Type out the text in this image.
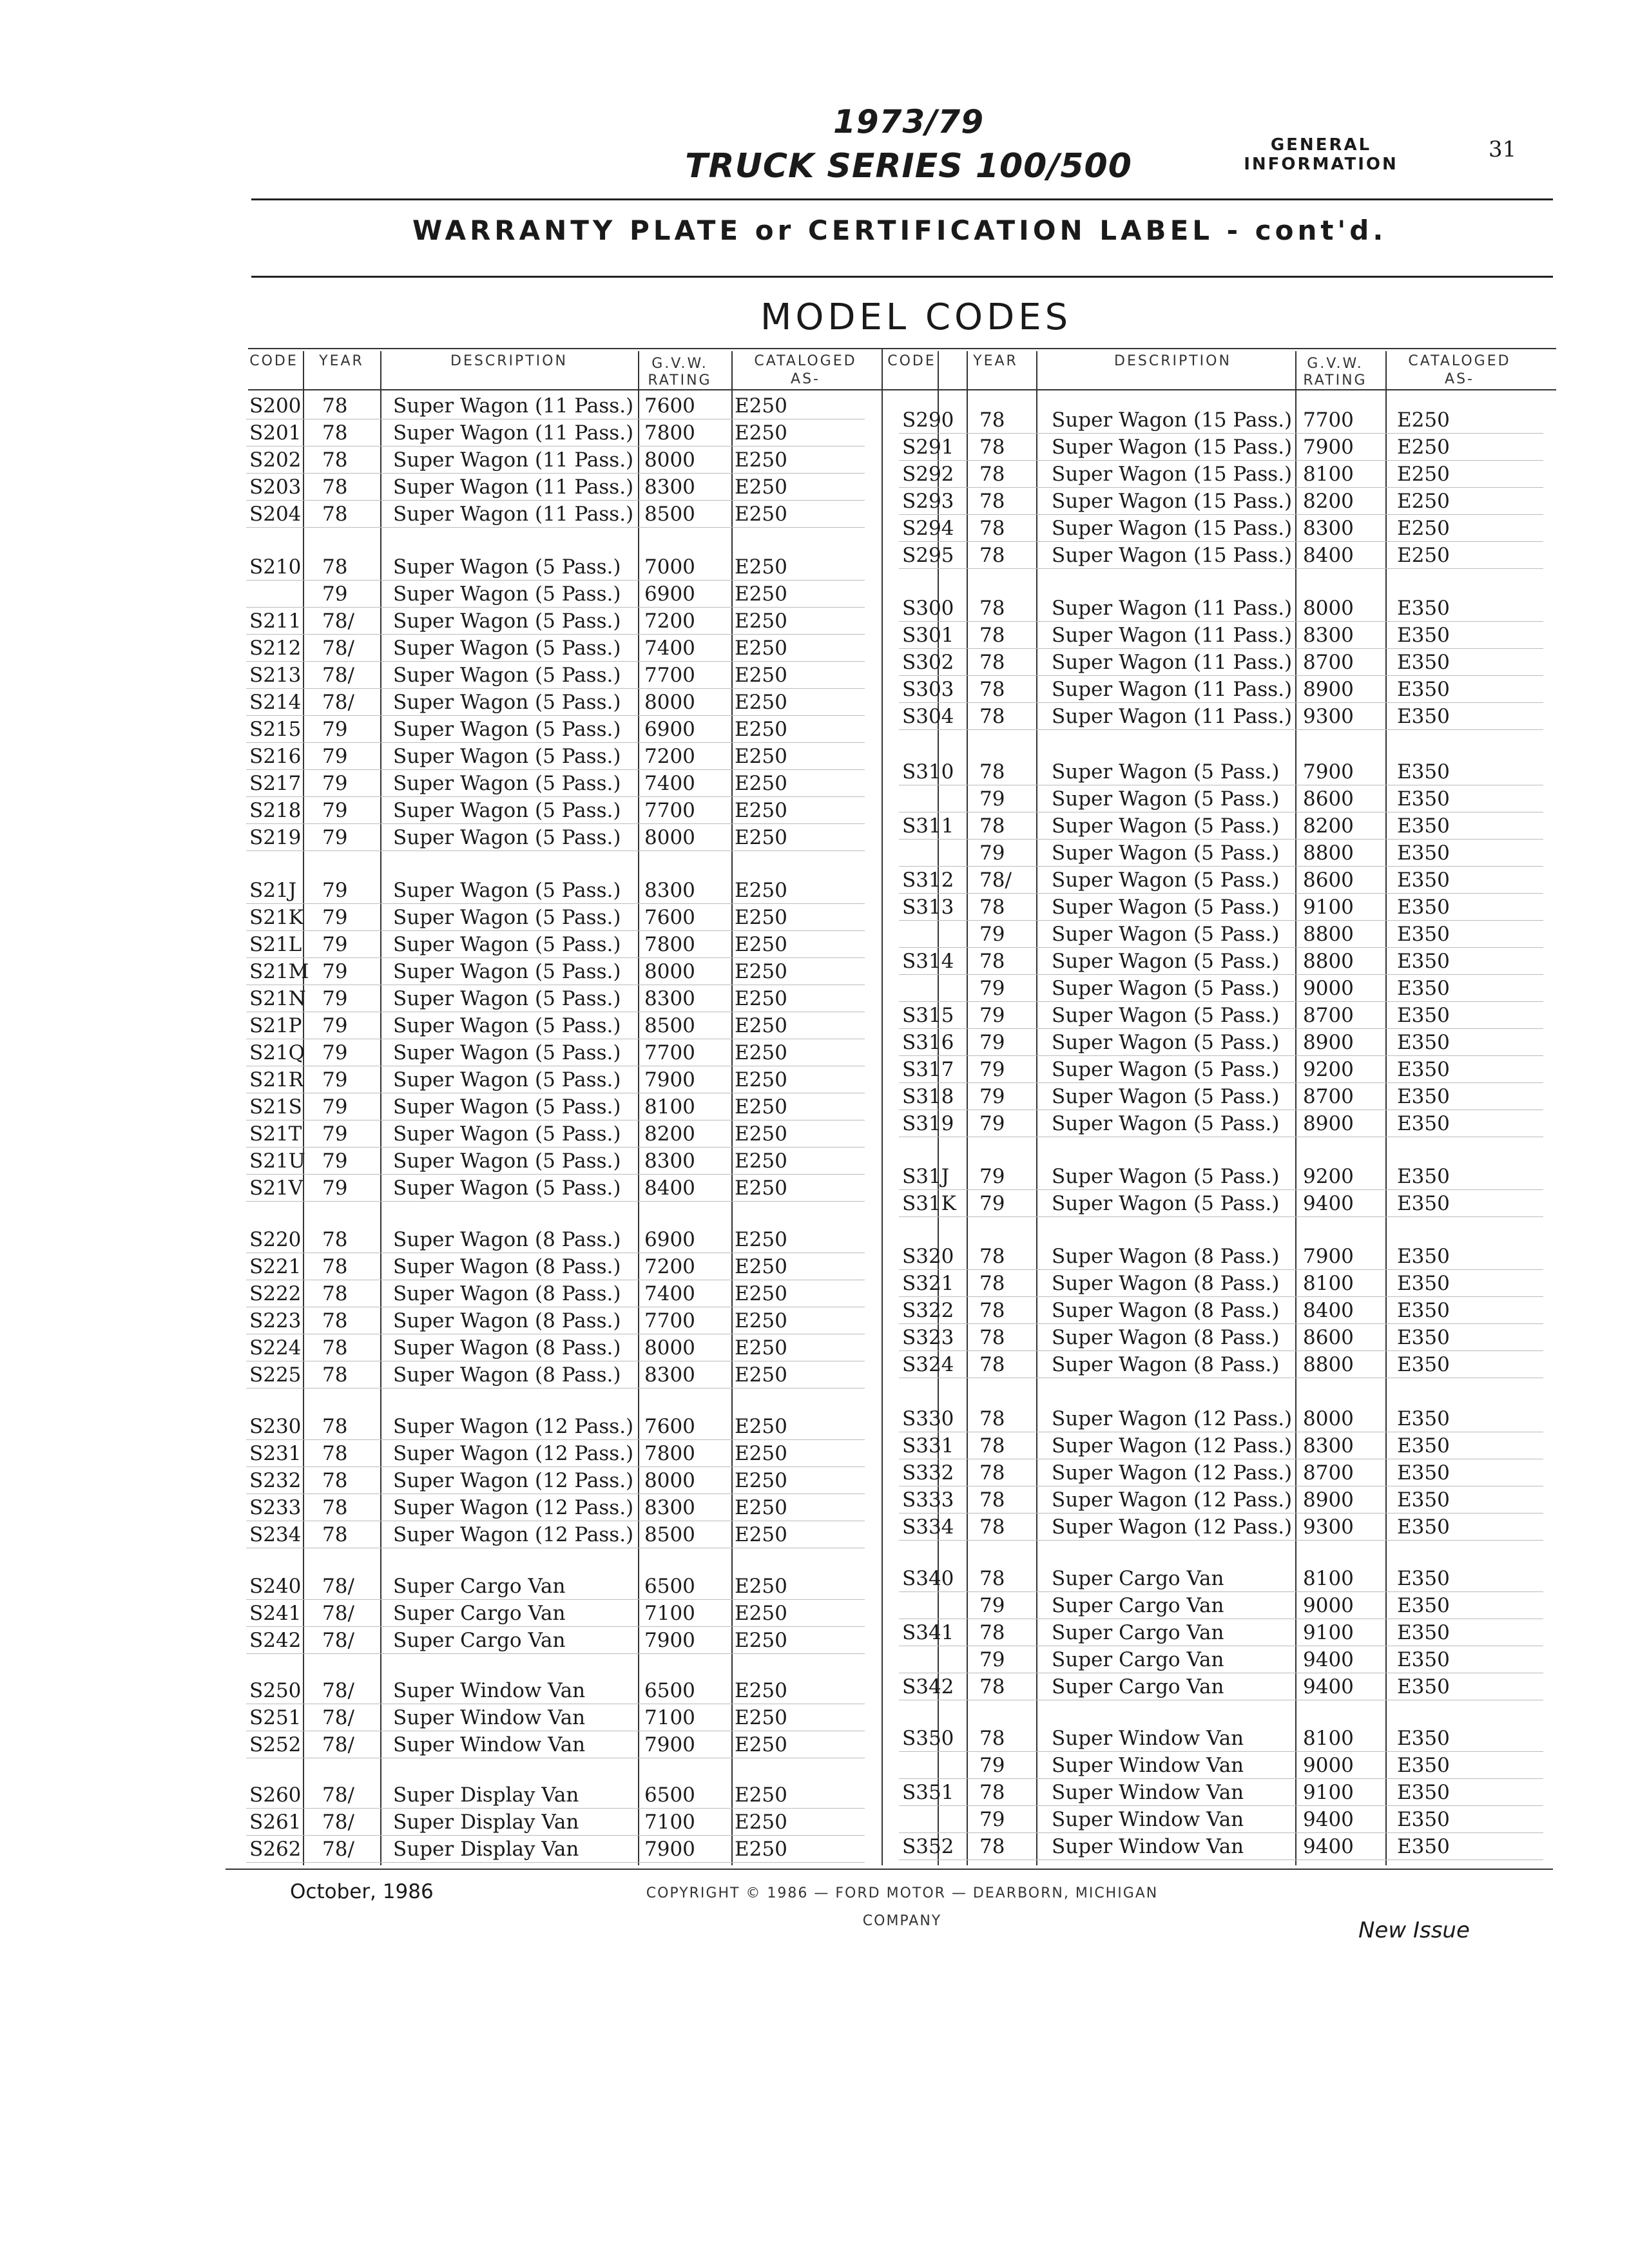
1973/79
TRUCK SERIES 100/500
GENERAL
INFORMATION
31
WARRANTY PLATE or CERTIFICATION LABEL - cont'd.
MODEL CODES
CODE	YEAR	DESCRIPTION	G.V.W.
RATING
CATALOGED
AS-
CODE	YEAR	DESCRIPTION	G.V.W.
RATING
CATALOGED
AS-
S200 78 Super Wagon (11 Pass.) 7600 E250
S201 78 Super Wagon (11 Pass.) 7800 E250
S202 78 Super Wagon (11 Pass.) 8000 E250
S203 78 Super Wagon (11 Pass.) 8300 E250
S204 78 Super Wagon (11 Pass.) 8500 E250
S210 78 Super Wagon (5 Pass.) 7000 E250
79 Super Wagon (5 Pass.) 6900 E250
S211 78/ Super Wagon (5 Pass.) 7200 E250
S212 78/ Super Wagon (5 Pass.) 7400 E250
S213 78/ Super Wagon (5 Pass.) 7700 E250
S214 78/ Super Wagon (5 Pass.) 8000 E250
S215 79 Super Wagon (5 Pass.) 6900 E250
S216 79 Super Wagon (5 Pass.) 7200 E250
S217 79 Super Wagon (5 Pass.) 7400 E250
S218 79 Super Wagon (5 Pass.) 7700 E250
S219 79 Super Wagon (5 Pass.) 8000 E250
S21J 79 Super Wagon (5 Pass.) 8300 E250
S21K 79 Super Wagon (5 Pass.) 7600 E250
S21L 79 Super Wagon (5 Pass.) 7800 E250
S21M 79 Super Wagon (5 Pass.) 8000 E250
S21N 79 Super Wagon (5 Pass.) 8300 E250
S21P 79 Super Wagon (5 Pass.) 8500 E250
S21Q 79 Super Wagon (5 Pass.) 7700 E250
S21R 79 Super Wagon (5 Pass.) 7900 E250
S21S 79 Super Wagon (5 Pass.) 8100 E250
S21T 79 Super Wagon (5 Pass.) 8200 E250
S21U 79 Super Wagon (5 Pass.) 8300 E250
S21V 79 Super Wagon (5 Pass.) 8400 E250
S220 78 Super Wagon (8 Pass.) 6900 E250
S221 78 Super Wagon (8 Pass.) 7200 E250
S222 78 Super Wagon (8 Pass.) 7400 E250
S223 78 Super Wagon (8 Pass.) 7700 E250
S224 78 Super Wagon (8 Pass.) 8000 E250
S225 78 Super Wagon (8 Pass.) 8300 E250
S230 78 Super Wagon (12 Pass.) 7600 E250
S231 78 Super Wagon (12 Pass.) 7800 E250
S232 78 Super Wagon (12 Pass.) 8000 E250
S233 78 Super Wagon (12 Pass.) 8300 E250
S234 78 Super Wagon (12 Pass.) 8500 E250
S240 78/ Super Cargo Van	6500 E250
S241 78/ Super Cargo Van	7100 E250
S242 78/ Super Cargo Van	7900 E250
S250 78/ Super Window Van	6500 E250
S251 78/ Super Window Van	7100 E250
S252 78/ Super Window Van	7900 E250
S260 78/ Super Display Van	6500 E250
S261 78/ Super Display Van	7100 E250
S262 78/ Super Display Van	7900 E250
S290 78 Super Wagon (15 Pass.) 7700 E250
S291 78 Super Wagon (15 Pass.) 7900 E250
S292 78 Super Wagon (15 Pass.) 8100 E250
S293 78 Super Wagon (15 Pass.) 8200 E250
S294 78 Super Wagon (15 Pass.) 8300 E250
S295 78 Super Wagon (15 Pass.) 8400 E250
S300 78 Super Wagon (11 Pass.) 8000 E350
S301 78 Super Wagon (11 Pass.) 8300 E350
S302 78 Super Wagon (11 Pass.) 8700 E350
S303 78 Super Wagon (11 Pass.) 8900 E350
S304 78 Super Wagon (11 Pass.) 9300 E350
S310 78 Super Wagon (5 Pass.) 7900 E350
79 Super Wagon (5 Pass.) 8600 E350
S311 78 Super Wagon (5 Pass.) 8200 E350
79 Super Wagon (5 Pass.) 8800 E350
S312 78/ Super Wagon (5 Pass.) 8600 E350
S313 78 Super Wagon (5 Pass.) 9100 E350
79 Super Wagon (5 Pass.) 8800 E350
S314 78 Super Wagon (5 Pass.) 8800 E350
79 Super Wagon (5 Pass.) 9000 E350
S315 79 Super Wagon (5 Pass.) 8700 E350
S316 79 Super Wagon (5 Pass.) 8900 E350
S317 79 Super Wagon (5 Pass.) 9200 E350
S318 79 Super Wagon (5 Pass.) 8700 E350
S319 79 Super Wagon (5 Pass.) 8900 E350
S31J 79 Super Wagon (5 Pass.) 9200 E350
S31K 79 Super Wagon (5 Pass.) 9400 E350
S320 78 Super Wagon (8 Pass.) 7900 E350
S321 78 Super Wagon (8 Pass.) 8100 E350
S322 78 Super Wagon (8 Pass.) 8400 E350
S323 78 Super Wagon (8 Pass.) 8600 E350
S324 78 Super Wagon (8 Pass.) 8800 E350
S330 78 Super Wagon (12 Pass.) 8000 E350
S331 78 Super Wagon (12 Pass.) 8300 E350
S332 78 Super Wagon (12 Pass.) 8700 E350
S333 78 Super Wagon (12 Pass.) 8900 E350
S334 78 Super Wagon (12 Pass.) 9300 E350
S340 78 Super Cargo Van	8100 E350
79 Super Cargo Van	9000 E350
S341 78 Super Cargo Van	9100 E350
79 Super Cargo Van	9400 E350
S342 78 Super Cargo Van	9400 E350
S350 78 Super Window Van	8100 E350
79 Super Window Van	9000 E350
S351 78 Super Window Van	9100 E350
79 Super Window Van	9400 E350
S352 78 Super Window Van	9400 E350
October, 1986	COPYRIGHT © 1986 — FORD MOTOR — DEARBORN, MICHIGAN
COMPANY	New Issue
